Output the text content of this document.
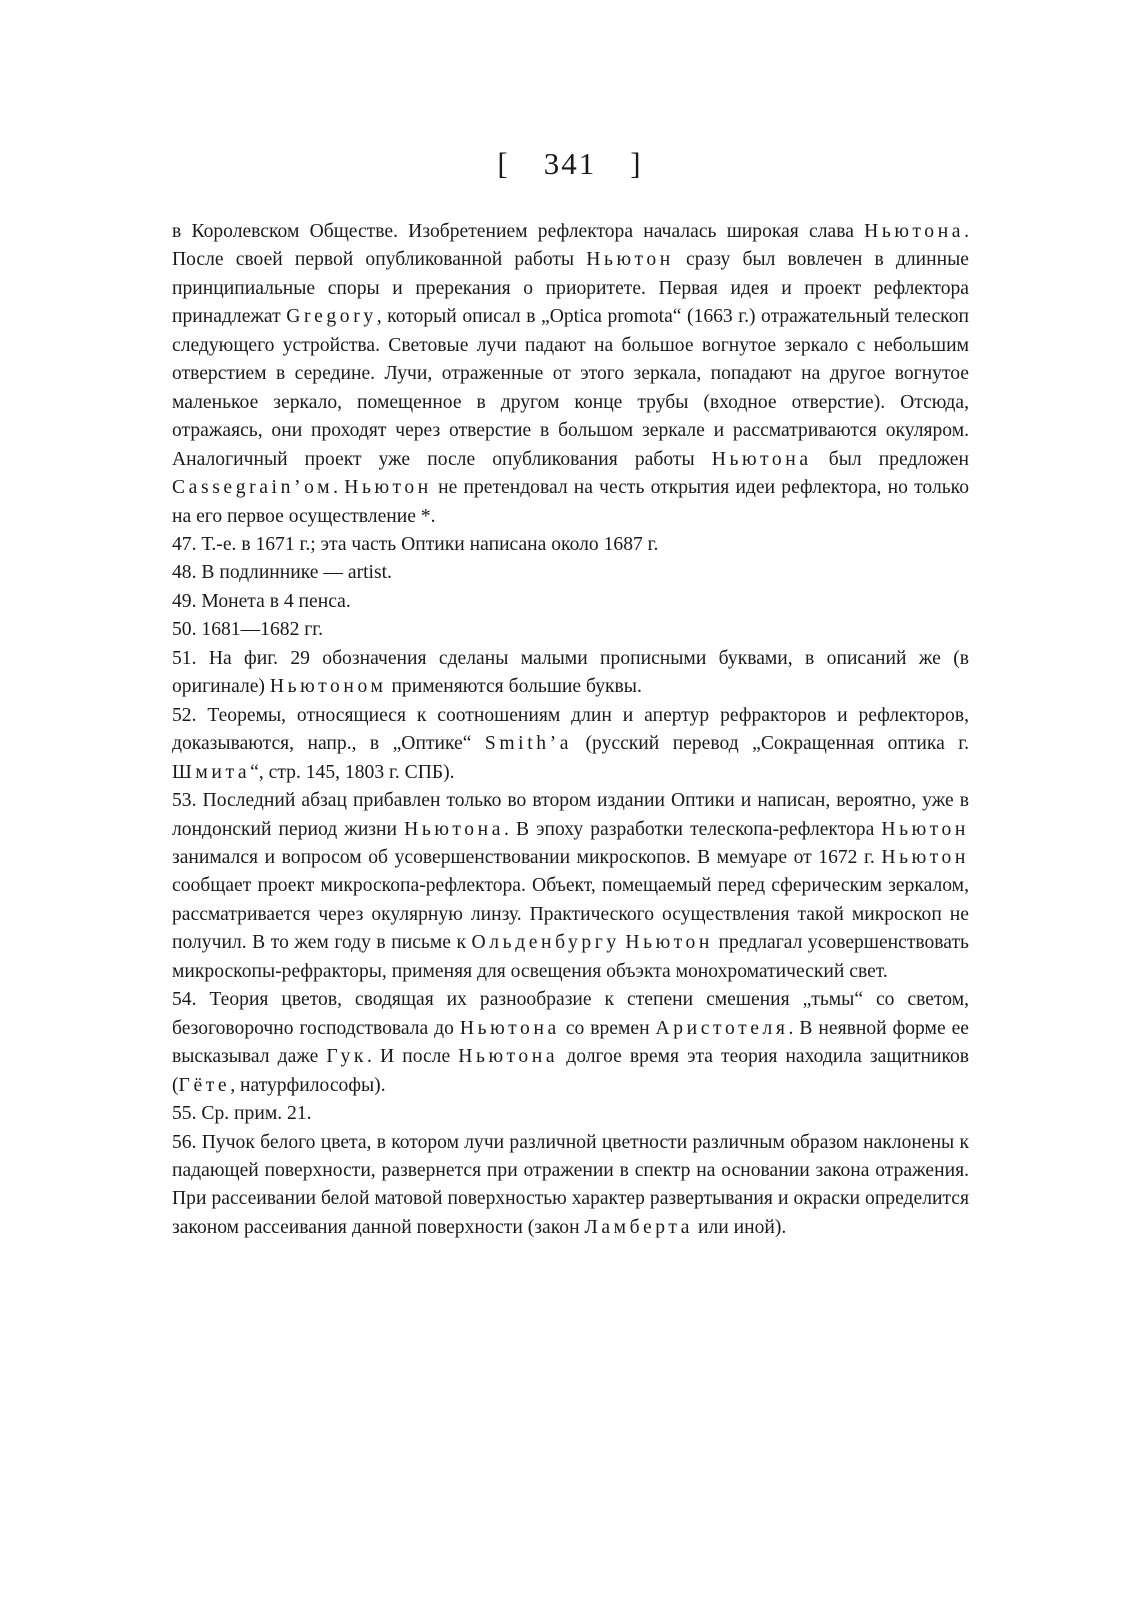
[ 341 ]

в Королевском Обществе. Изобретением рефлектора началась широкая слава Ньютона. После своей первой опубликованной работы Ньютон сразу был вовлечен в длинные принципиальные споры и пререкания о приоритете. Первая идея и проект рефлектора принадлежат Gregory, который описал в „Optica promota“ (1663 г.) отражательный телескоп следующего устройства. Световые лучи падают на большое вогнутое зеркало с небольшим отверстием в середине. Лучи, отраженные от этого зеркала, попадают на другое вогнутое маленькое зеркало, помещенное в другом конце трубы (входное отверстие). Отсюда, отражаясь, они проходят через отверстие в большом зеркале и рассматриваются окуляром. Аналогичный проект уже после опубликования работы Ньютона был предложен Cassegrain’ом. Ньютон не претендовал на честь открытия идеи рефлектора, но только на его первое осуществление *.

47. Т.-е. в 1671 г.; эта часть Оптики написана около 1687 г.

48. В подлиннике — artist.

49. Монета в 4 пенса.

50. 1681—1682 гг.

51. На фиг. 29 обозначения сделаны малыми прописными буквами, в описаний же (в оригинале) Ньютоном применяются большие буквы.

52. Теоремы, относящиеся к соотношениям длин и апертур рефракторов и рефлекторов, доказываются, напр., в „Оптике“ Smith’a (русский перевод „Сокращенная оптика г. Шмита“, стр. 145, 1803 г. СПБ).

53. Последний абзац прибавлен только во втором издании Оптики и написан, вероятно, уже в лондонский период жизни Ньютона. В эпоху разработки телескопа-рефлектора Ньютон занимался и вопросом об усовершенствовании микроскопов. В мемуаре от 1672 г. Ньютон сообщает проект микроскопа-рефлектора. Объект, помещаемый перед сферическим зеркалом, рассматривается через окулярную линзу. Практического осуществления такой микроскоп не получил. В то жем году в письме к Ольденбургу Ньютон предлагал усовершенствовать микроскопы-рефракторы, применяя для освещения объэкта монохроматический свет.

54. Теория цветов, сводящая их разнообразие к степени смешения „тьмы“ со светом, безоговорочно господствовала до Ньютона со времен Аристотеля. В неявной форме ее высказывал даже Гук. И после Ньютона долгое время эта теория находила защитников (Гёте, натурфилософы).

55. Ср. прим. 21.

56. Пучок белого цвета, в котором лучи различной цветности различным образом наклонены к падающей поверхности, развернется при отражении в спектр на основании закона отражения. При рассеивании белой матовой поверхностью характер развертывания и окраски определится законом рассеивания данной поверхности (закон Ламберта или иной).
